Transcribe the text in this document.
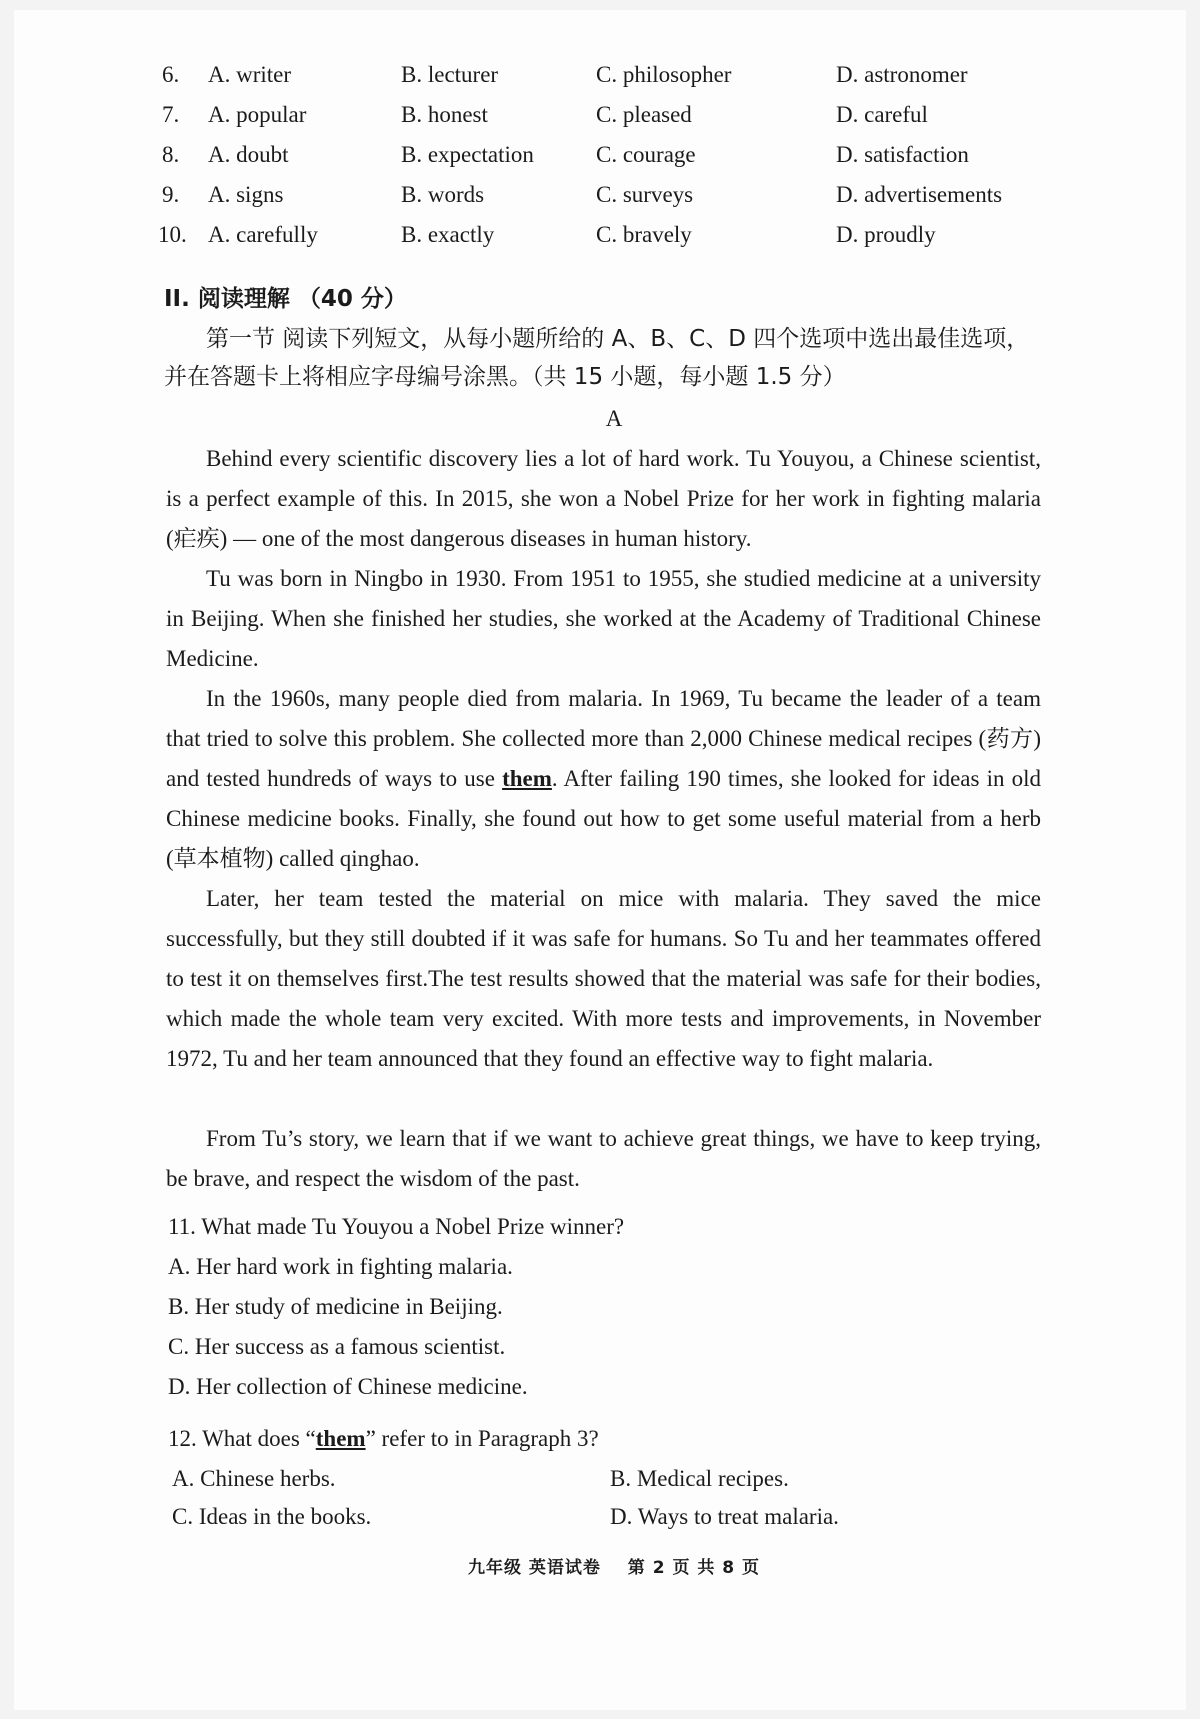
6. A. writer	B. lecturer	C. philosopher	D. astronomer
7. A. popular	B. honest	C. pleased	D. careful
8. A. doubt	B. expectation	C. courage	D. satisfaction
9. A. signs	B. words	C. surveys	D. advertisements
10. A. carefully	B. exactly	C. bravely	D. proudly
II. 阅读理解 （40 分）
第一节 阅读下列短文，从每小题所给的 A、B、C、D 四个选项中选出最佳选项，并在答题卡上将相应字母编号涂黑。（共 15 小题，每小题 1.5 分）
A

Behind every scientific discovery lies a lot of hard work. Tu Youyou, a Chinese scientist, is a perfect example of this. In 2015, she won a Nobel Prize for her work in fighting malaria (疟疾) — one of the most dangerous diseases in human history.

Tu was born in Ningbo in 1930. From 1951 to 1955, she studied medicine at a university in Beijing. When she finished her studies, she worked at the Academy of Traditional Chinese Medicine.

In the 1960s, many people died from malaria. In 1969, Tu became the leader of a team that tried to solve this problem. She collected more than 2,000 Chinese medical recipes (药方) and tested hundreds of ways to use them. After failing 190 times, she looked for ideas in old Chinese medicine books. Finally, she found out how to get some useful material from a herb (草本植物) called qinghao.

Later, her team tested the material on mice with malaria. They saved the mice successfully, but they still doubted if it was safe for humans. So Tu and her teammates offered to test it on themselves first.The test results showed that the material was safe for their bodies, which made the whole team very excited. With more tests and improvements, in November 1972, Tu and her team announced that they found an effective way to fight malaria.

From Tu’s story, we learn that if we want to achieve great things, we have to keep trying, be brave, and respect the wisdom of the past.

11. What made Tu Youyou a Nobel Prize winner?
A. Her hard work in fighting malaria.
B. Her study of medicine in Beijing.
C. Her success as a famous scientist.
D. Her collection of Chinese medicine.
12. What does “them” refer to in Paragraph 3?
A. Chinese herbs.	B. Medical recipes.
C. Ideas in the books.	D. Ways to treat malaria.
九年级 英语试卷 第 2 页 共 8 页
